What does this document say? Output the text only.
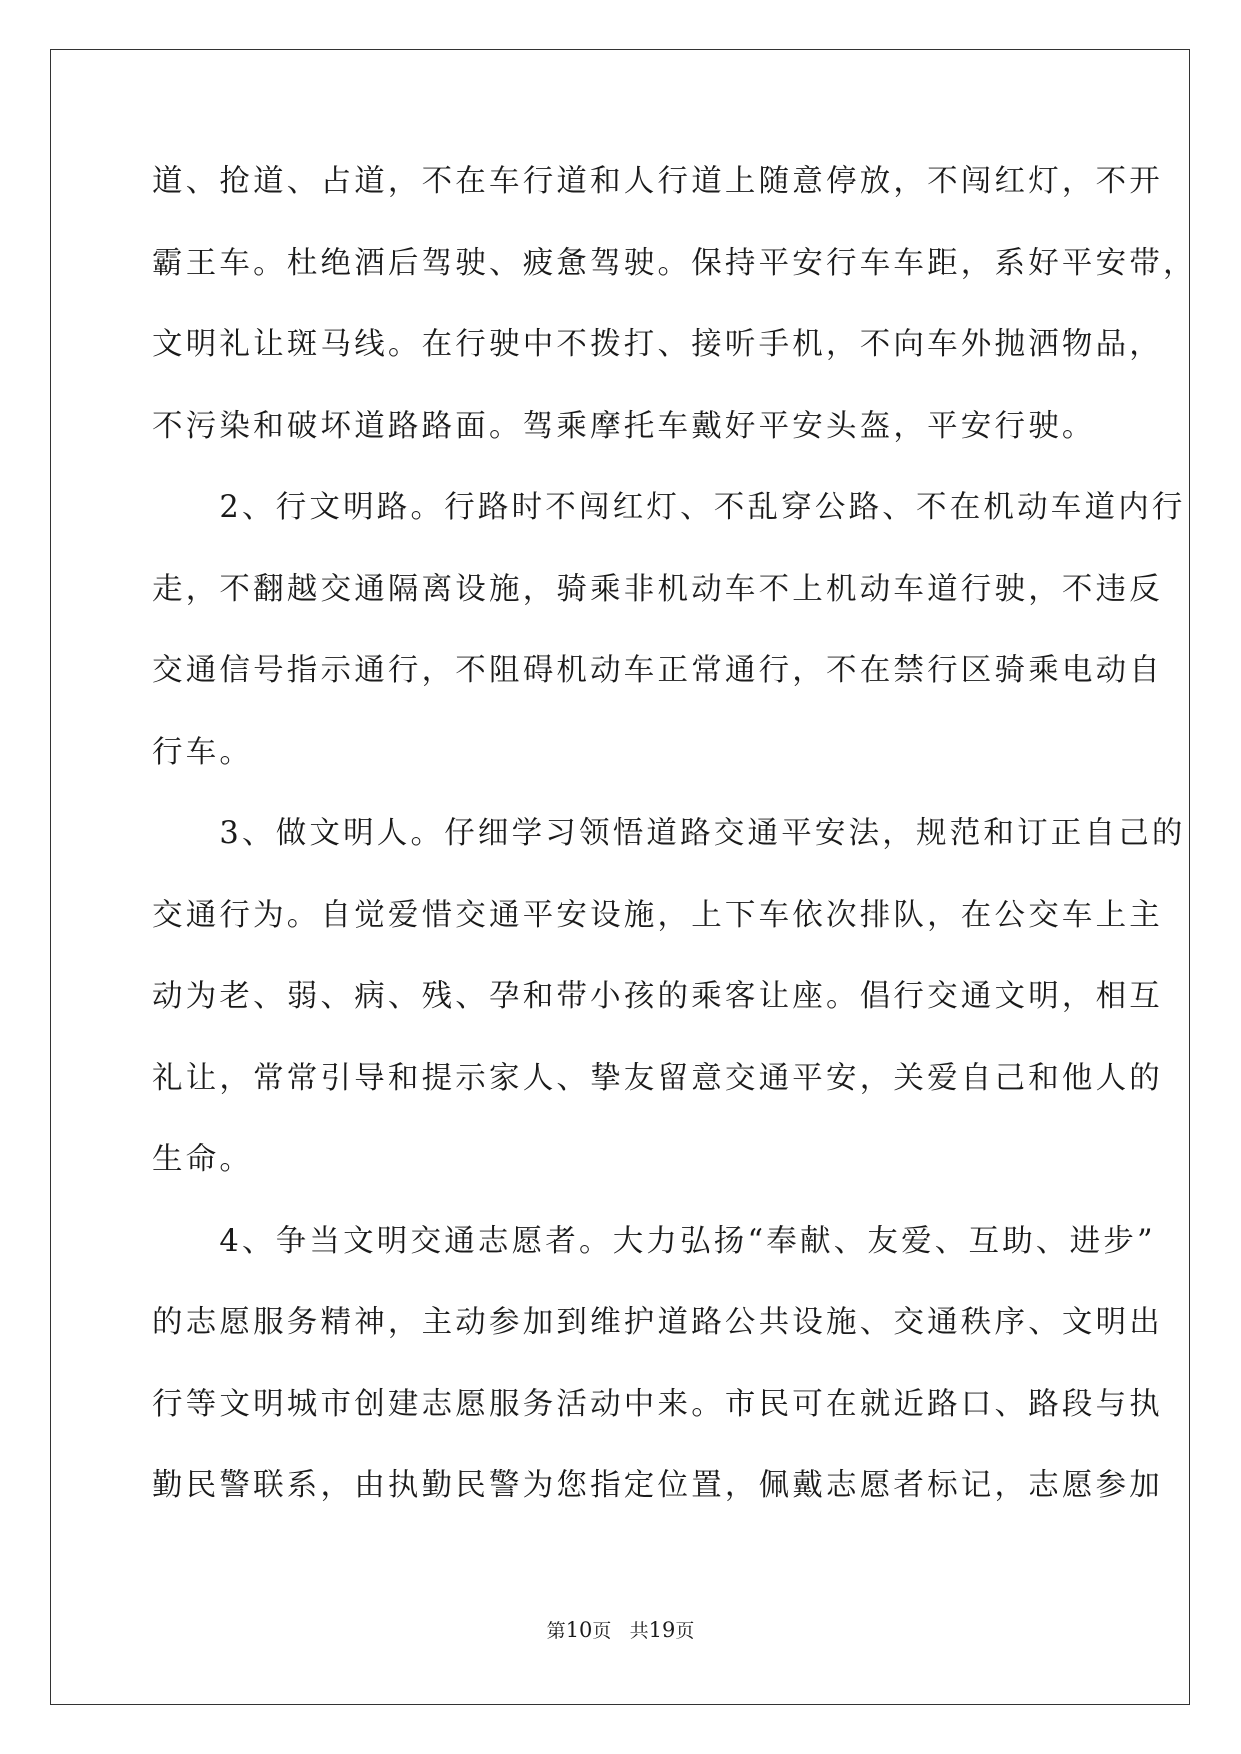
道、抢道、占道，不在车行道和人行道上随意停放，不闯红灯，不开
霸王车。杜绝酒后驾驶、疲惫驾驶。保持平安行车车距，系好平安带，
文明礼让斑马线。在行驶中不拨打、接听手机，不向车外抛洒物品，
不污染和破坏道路路面。驾乘摩托车戴好平安头盔，平安行驶。
　　2、行文明路。行路时不闯红灯、不乱穿公路、不在机动车道内行
走，不翻越交通隔离设施，骑乘非机动车不上机动车道行驶，不违反
交通信号指示通行，不阻碍机动车正常通行，不在禁行区骑乘电动自
行车。
　　3、做文明人。仔细学习领悟道路交通平安法，规范和订正自己的
交通行为。自觉爱惜交通平安设施，上下车依次排队，在公交车上主
动为老、弱、病、残、孕和带小孩的乘客让座。倡行交通文明，相互
礼让，常常引导和提示家人、挚友留意交通平安，关爱自己和他人的
生命。
　　4、争当文明交通志愿者。大力弘扬“奉献、友爱、互助、进步”
的志愿服务精神，主动参加到维护道路公共设施、交通秩序、文明出
行等文明城市创建志愿服务活动中来。市民可在就近路口、路段与执
勤民警联系，由执勤民警为您指定位置，佩戴志愿者标记，志愿参加
第10页 共19页
